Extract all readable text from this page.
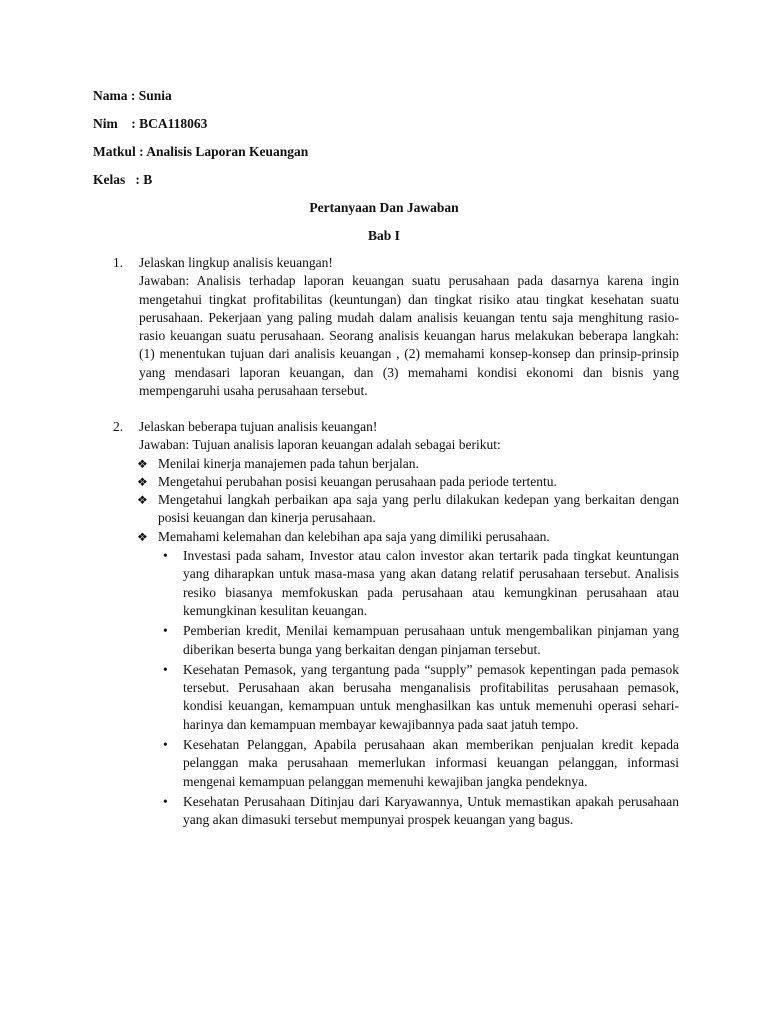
Nama : Sunia
Nim    : BCA118063
Matkul : Analisis Laporan Keuangan
Kelas   : B
Pertanyaan Dan Jawaban
Bab I
1. Jelaskan lingkup analisis keuangan!

Jawaban: Analisis terhadap laporan keuangan suatu perusahaan pada dasarnya karena ingin mengetahui tingkat profitabilitas (keuntungan) dan tingkat risiko atau tingkat kesehatan suatu perusahaan. Pekerjaan yang paling mudah dalam analisis keuangan tentu saja menghitung rasio-rasio keuangan suatu perusahaan. Seorang analisis keuangan harus melakukan beberapa langkah: (1) menentukan tujuan dari analisis keuangan , (2) memahami konsep-konsep dan prinsip-prinsip yang mendasari laporan keuangan, dan (3) memahami kondisi ekonomi dan bisnis yang mempengaruhi usaha perusahaan tersebut.

2. Jelaskan beberapa tujuan analisis keuangan!

Jawaban: Tujuan analisis laporan keuangan adalah sebagai berikut:

❖ Menilai kinerja manajemen pada tahun berjalan.
❖ Mengetahui perubahan posisi keuangan perusahaan pada periode tertentu.
❖ Mengetahui langkah perbaikan apa saja yang perlu dilakukan kedepan yang berkaitan dengan posisi keuangan dan kinerja perusahaan.
❖ Memahami kelemahan dan kelebihan apa saja yang dimiliki perusahaan.
• Investasi pada saham, Investor atau calon investor akan tertarik pada tingkat keuntungan yang diharapkan untuk masa-masa yang akan datang relatif perusahaan tersebut. Analisis resiko biasanya memfokuskan pada perusahaan atau kemungkinan perusahaan atau kemungkinan kesulitan keuangan.
• Pemberian kredit, Menilai kemampuan perusahaan untuk mengembalikan pinjaman yang diberikan beserta bunga yang berkaitan dengan pinjaman tersebut.
• Kesehatan Pemasok, yang tergantung pada “supply” pemasok kepentingan pada pemasok tersebut. Perusahaan akan berusaha menganalisis profitabilitas perusahaan pemasok, kondisi keuangan, kemampuan untuk menghasilkan kas untuk memenuhi operasi sehari-harinya dan kemampuan membayar kewajibannya pada saat jatuh tempo.
• Kesehatan Pelanggan, Apabila perusahaan akan memberikan penjualan kredit kepada pelanggan maka perusahaan memerlukan informasi keuangan pelanggan, informasi mengenai kemampuan pelanggan memenuhi kewajiban jangka pendeknya.
• Kesehatan Perusahaan Ditinjau dari Karyawannya, Untuk memastikan apakah perusahaan yang akan dimasuki tersebut mempunyai prospek keuangan yang bagus.
